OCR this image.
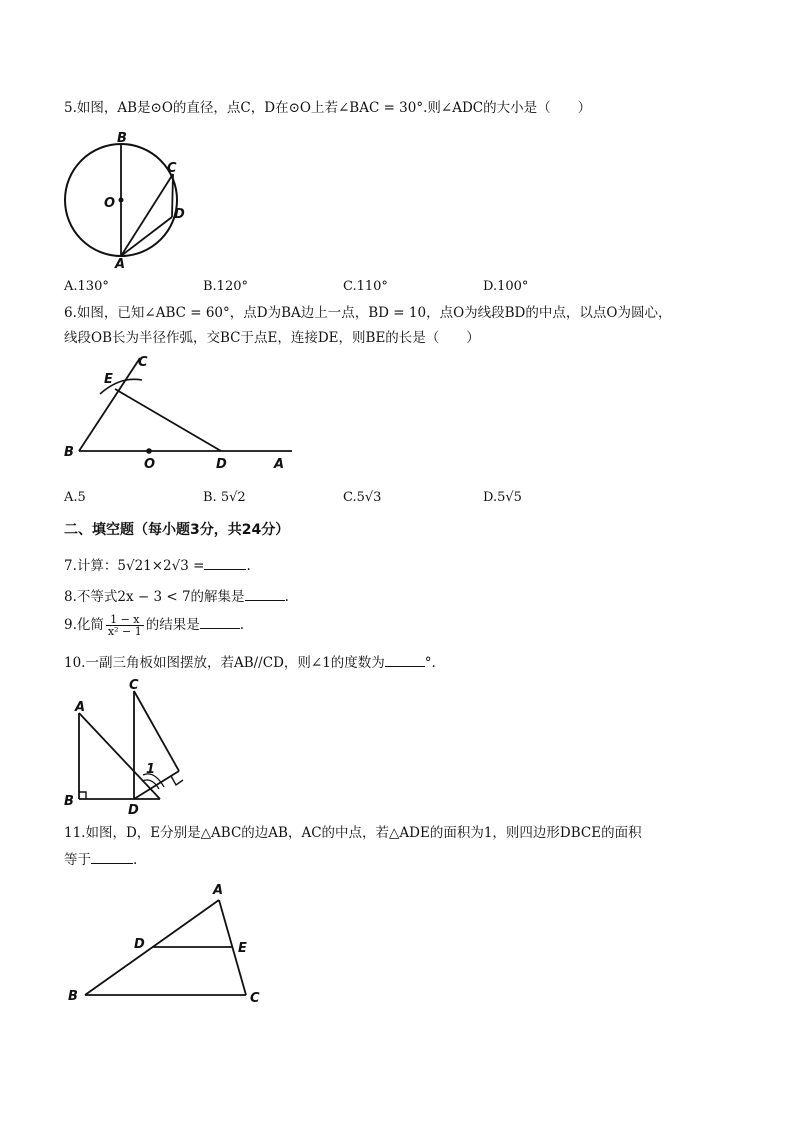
5.如图，AB是⊙O的直径，点C，D在⊙O上若∠BAC = 30°.则∠ADC的大小是（　　）
B
C
O
D
A
A.130°	B.120°	C.110°	D.100°
6.如图，已知∠ABC = 60°，点D为BA边上一点，BD = 10，点O为线段BD的中点，以点O为圆心，
线段OB长为半径作弧，交BC于点E，连接DE，则BE的长是（　　）
C
E
B
O	D	A
A.5	B. 5√2	C.5√3	D.5√5
二、填空题（每小题3分，共24分）
7.计算：5√21×2√3 =	.
8.不等式2x − 3 < 7的解集是	.
9.化简 $\frac{1 - x}{\text{x² − 1}}$ 的结果是	.
10.一副三角板如图摆放，若AB//CD，则∠1的度数为	°.
C
A
B
D
1
11.如图，D，E分别是△ABC的边AB，AC的中点，若△ADE的面积为1，则四边形DBCE的面积
等于	.
A
D	E
B	C
